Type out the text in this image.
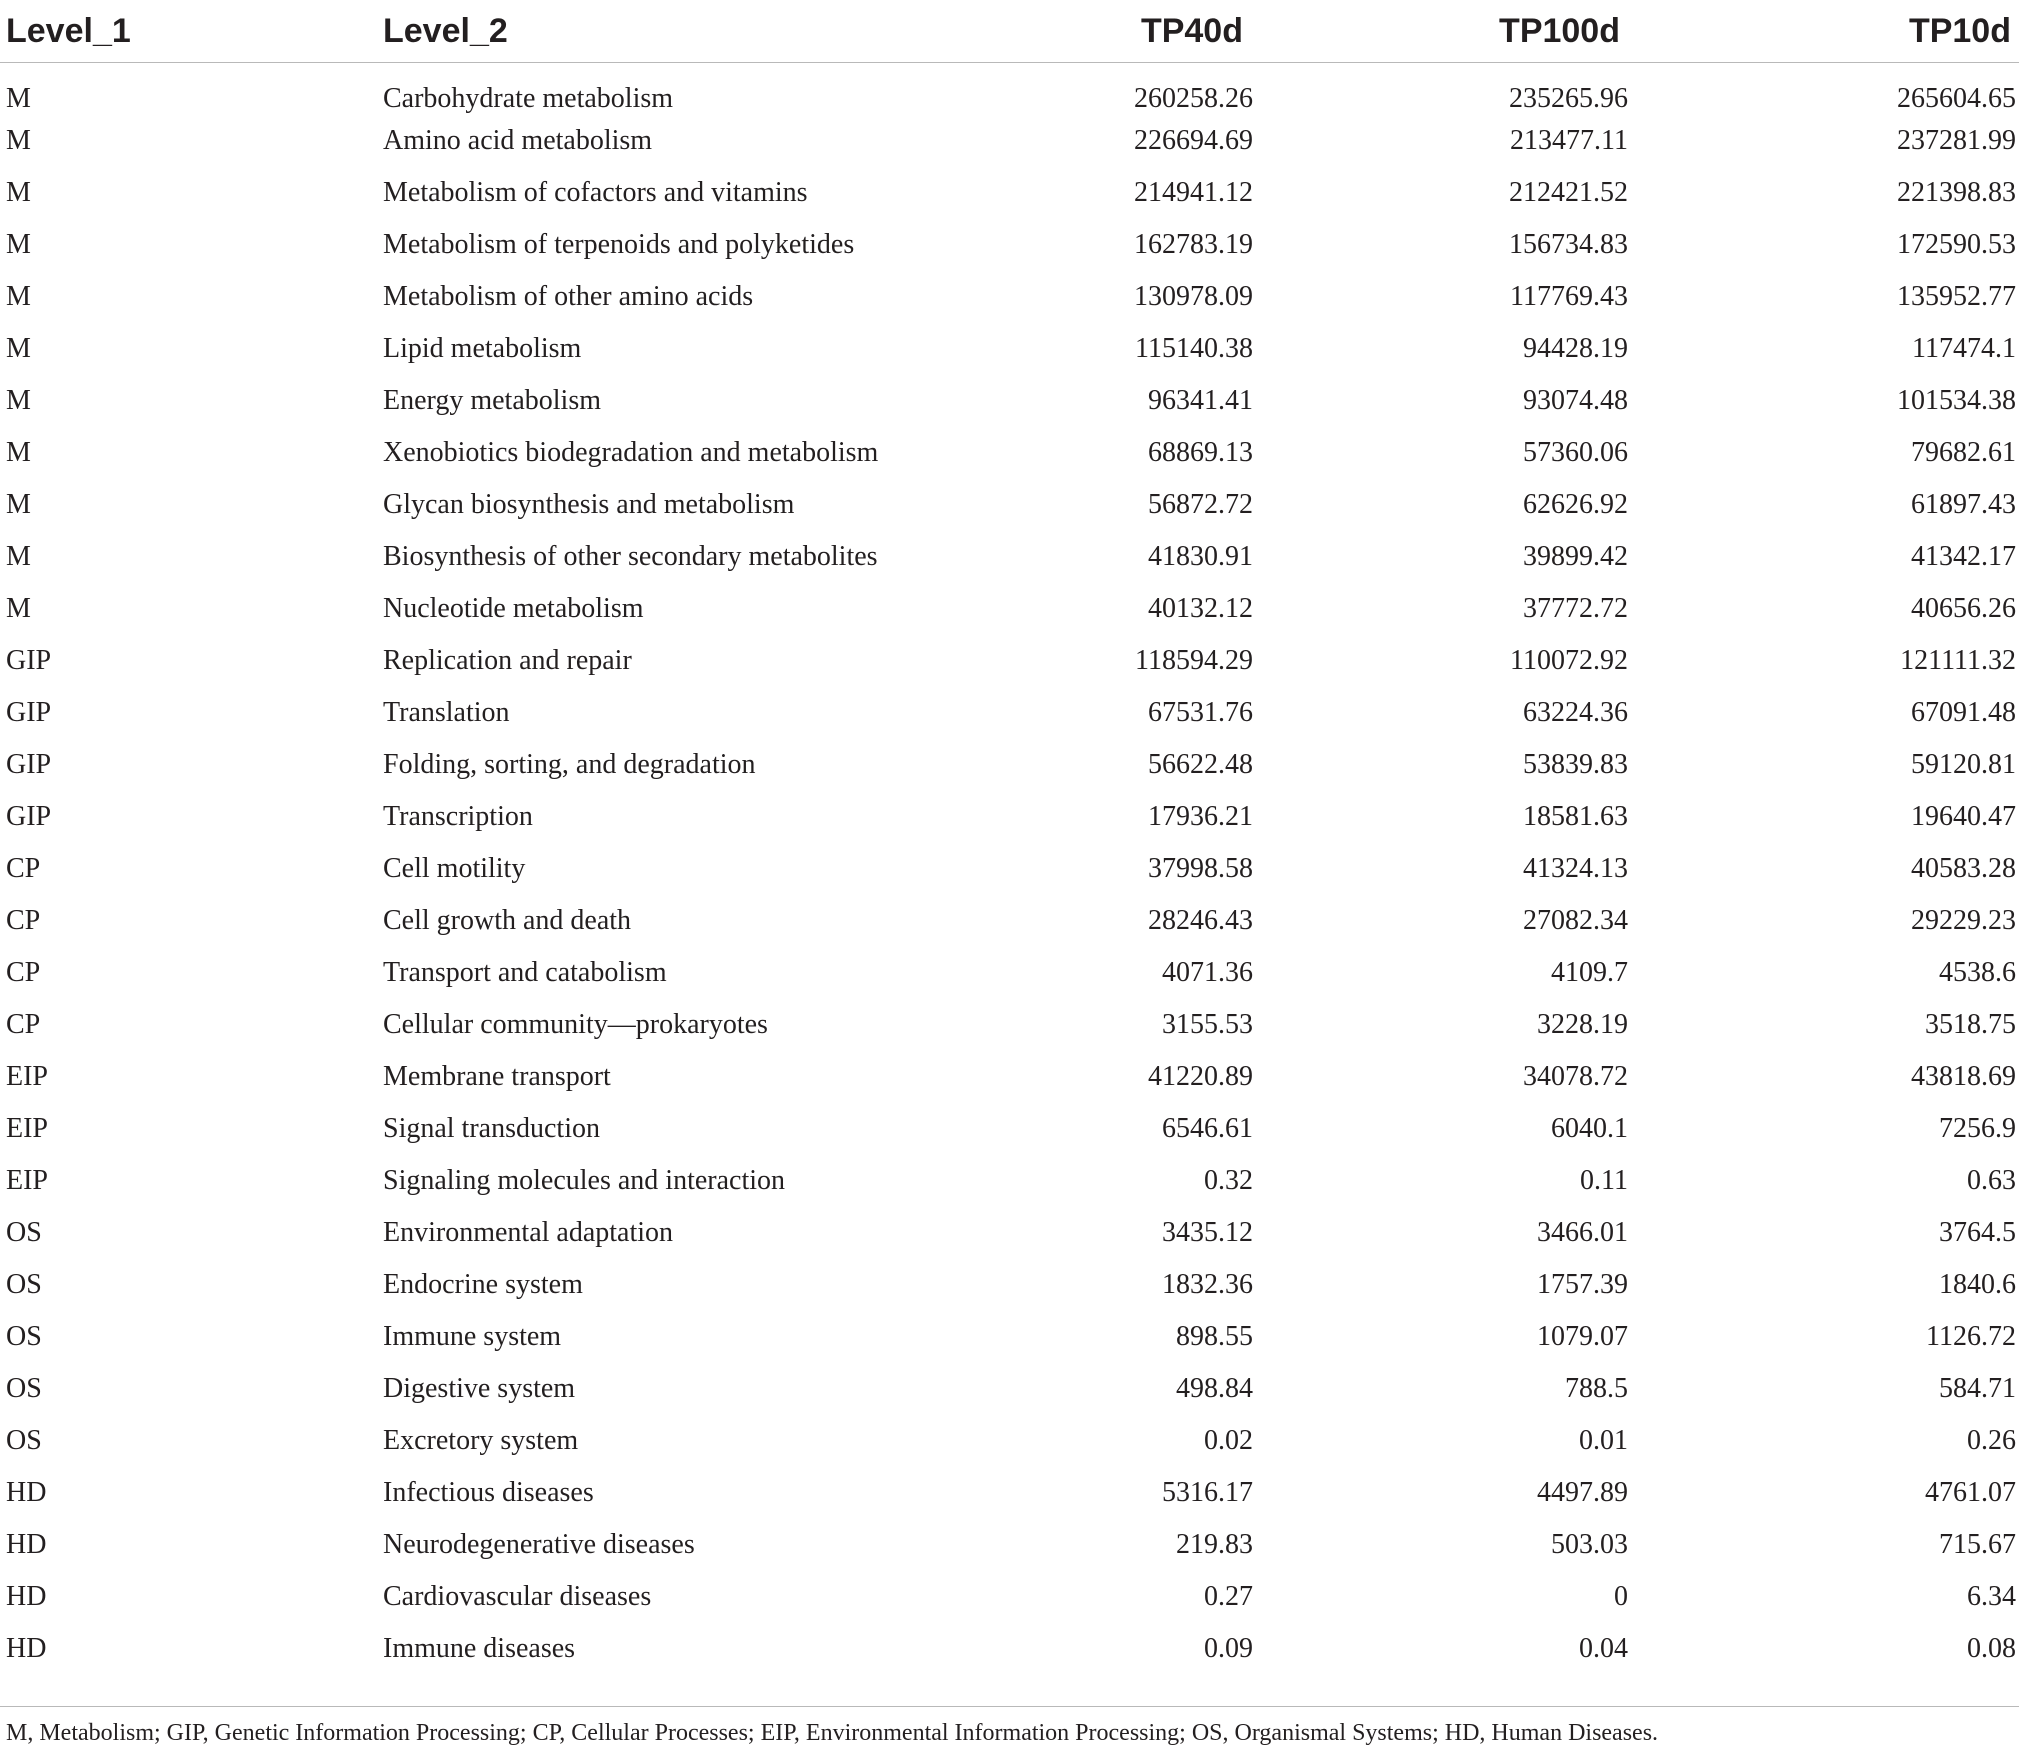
Level_1	Level_2	TP40d	TP100d	TP10d
M	Carbohydrate metabolism	260258.26	235265.96	265604.65
M	Amino acid metabolism	226694.69	213477.11	237281.99
M	Metabolism of cofactors and vitamins	214941.12	212421.52	221398.83
M	Metabolism of terpenoids and polyketides	162783.19	156734.83	172590.53
M	Metabolism of other amino acids	130978.09	117769.43	135952.77
M	Lipid metabolism	115140.38	94428.19	117474.1
M	Energy metabolism	96341.41	93074.48	101534.38
M	Xenobiotics biodegradation and metabolism	68869.13	57360.06	79682.61
M	Glycan biosynthesis and metabolism	56872.72	62626.92	61897.43
M	Biosynthesis of other secondary metabolites	41830.91	39899.42	41342.17
M	Nucleotide metabolism	40132.12	37772.72	40656.26
GIP	Replication and repair	118594.29	110072.92	121111.32
GIP	Translation	67531.76	63224.36	67091.48
GIP	Folding, sorting, and degradation	56622.48	53839.83	59120.81
GIP	Transcription	17936.21	18581.63	19640.47
CP	Cell motility	37998.58	41324.13	40583.28
CP	Cell growth and death	28246.43	27082.34	29229.23
CP	Transport and catabolism	4071.36	4109.7	4538.6
CP	Cellular community—prokaryotes	3155.53	3228.19	3518.75
EIP	Membrane transport	41220.89	34078.72	43818.69
EIP	Signal transduction	6546.61	6040.1	7256.9
EIP	Signaling molecules and interaction	0.32	0.11	0.63
OS	Environmental adaptation	3435.12	3466.01	3764.5
OS	Endocrine system	1832.36	1757.39	1840.6
OS	Immune system	898.55	1079.07	1126.72
OS	Digestive system	498.84	788.5	584.71
OS	Excretory system	0.02	0.01	0.26
HD	Infectious diseases	5316.17	4497.89	4761.07
HD	Neurodegenerative diseases	219.83	503.03	715.67
HD	Cardiovascular diseases	0.27	0	6.34
HD	Immune diseases	0.09	0.04	0.08
M, Metabolism; GIP, Genetic Information Processing; CP, Cellular Processes; EIP, Environmental Information Processing; OS, Organismal Systems; HD, Human Diseases.
